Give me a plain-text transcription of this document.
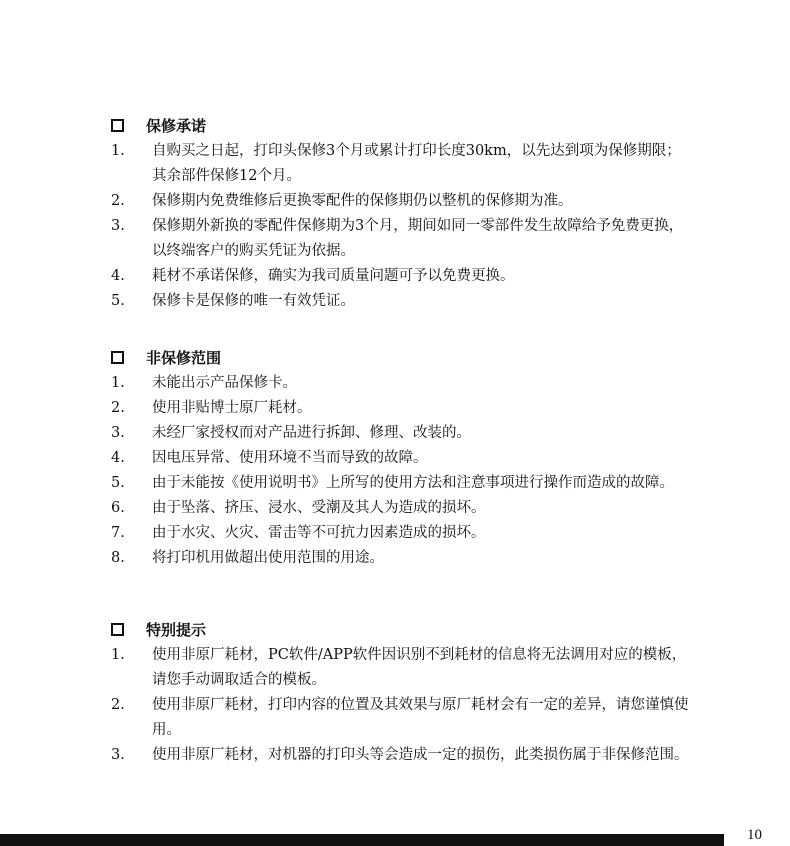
保修承诺
1.	自购买之日起，打印头保修3个月或累计打印长度30km，以先达到项为保修期限；其余部件保修12个月。
2.	保修期内免费维修后更换零配件的保修期仍以整机的保修期为准。
3.	保修期外新换的零配件保修期为3个月，期间如同一零部件发生故障给予免费更换，以终端客户的购买凭证为依据。
4.	耗材不承诺保修，确实为我司质量问题可予以免费更换。
5.	保修卡是保修的唯一有效凭证。
非保修范围
1.	未能出示产品保修卡。
2.	使用非贴博士原厂耗材。
3.	未经厂家授权而对产品进行拆卸、修理、改装的。
4.	因电压异常、使用环境不当而导致的故障。
5.	由于未能按《使用说明书》上所写的使用方法和注意事项进行操作而造成的故障。
6.	由于坠落、挤压、浸水、受潮及其人为造成的损坏。
7.	由于水灾、火灾、雷击等不可抗力因素造成的损坏。
8.	将打印机用做超出使用范围的用途。
特别提示
1.	使用非原厂耗材，PC软件/APP软件因识别不到耗材的信息将无法调用对应的模板，请您手动调取适合的模板。
2.	使用非原厂耗材，打印内容的位置及其效果与原厂耗材会有一定的差异，请您谨慎使用。
3.	使用非原厂耗材，对机器的打印头等会造成一定的损伤，此类损伤属于非保修范围。
10
